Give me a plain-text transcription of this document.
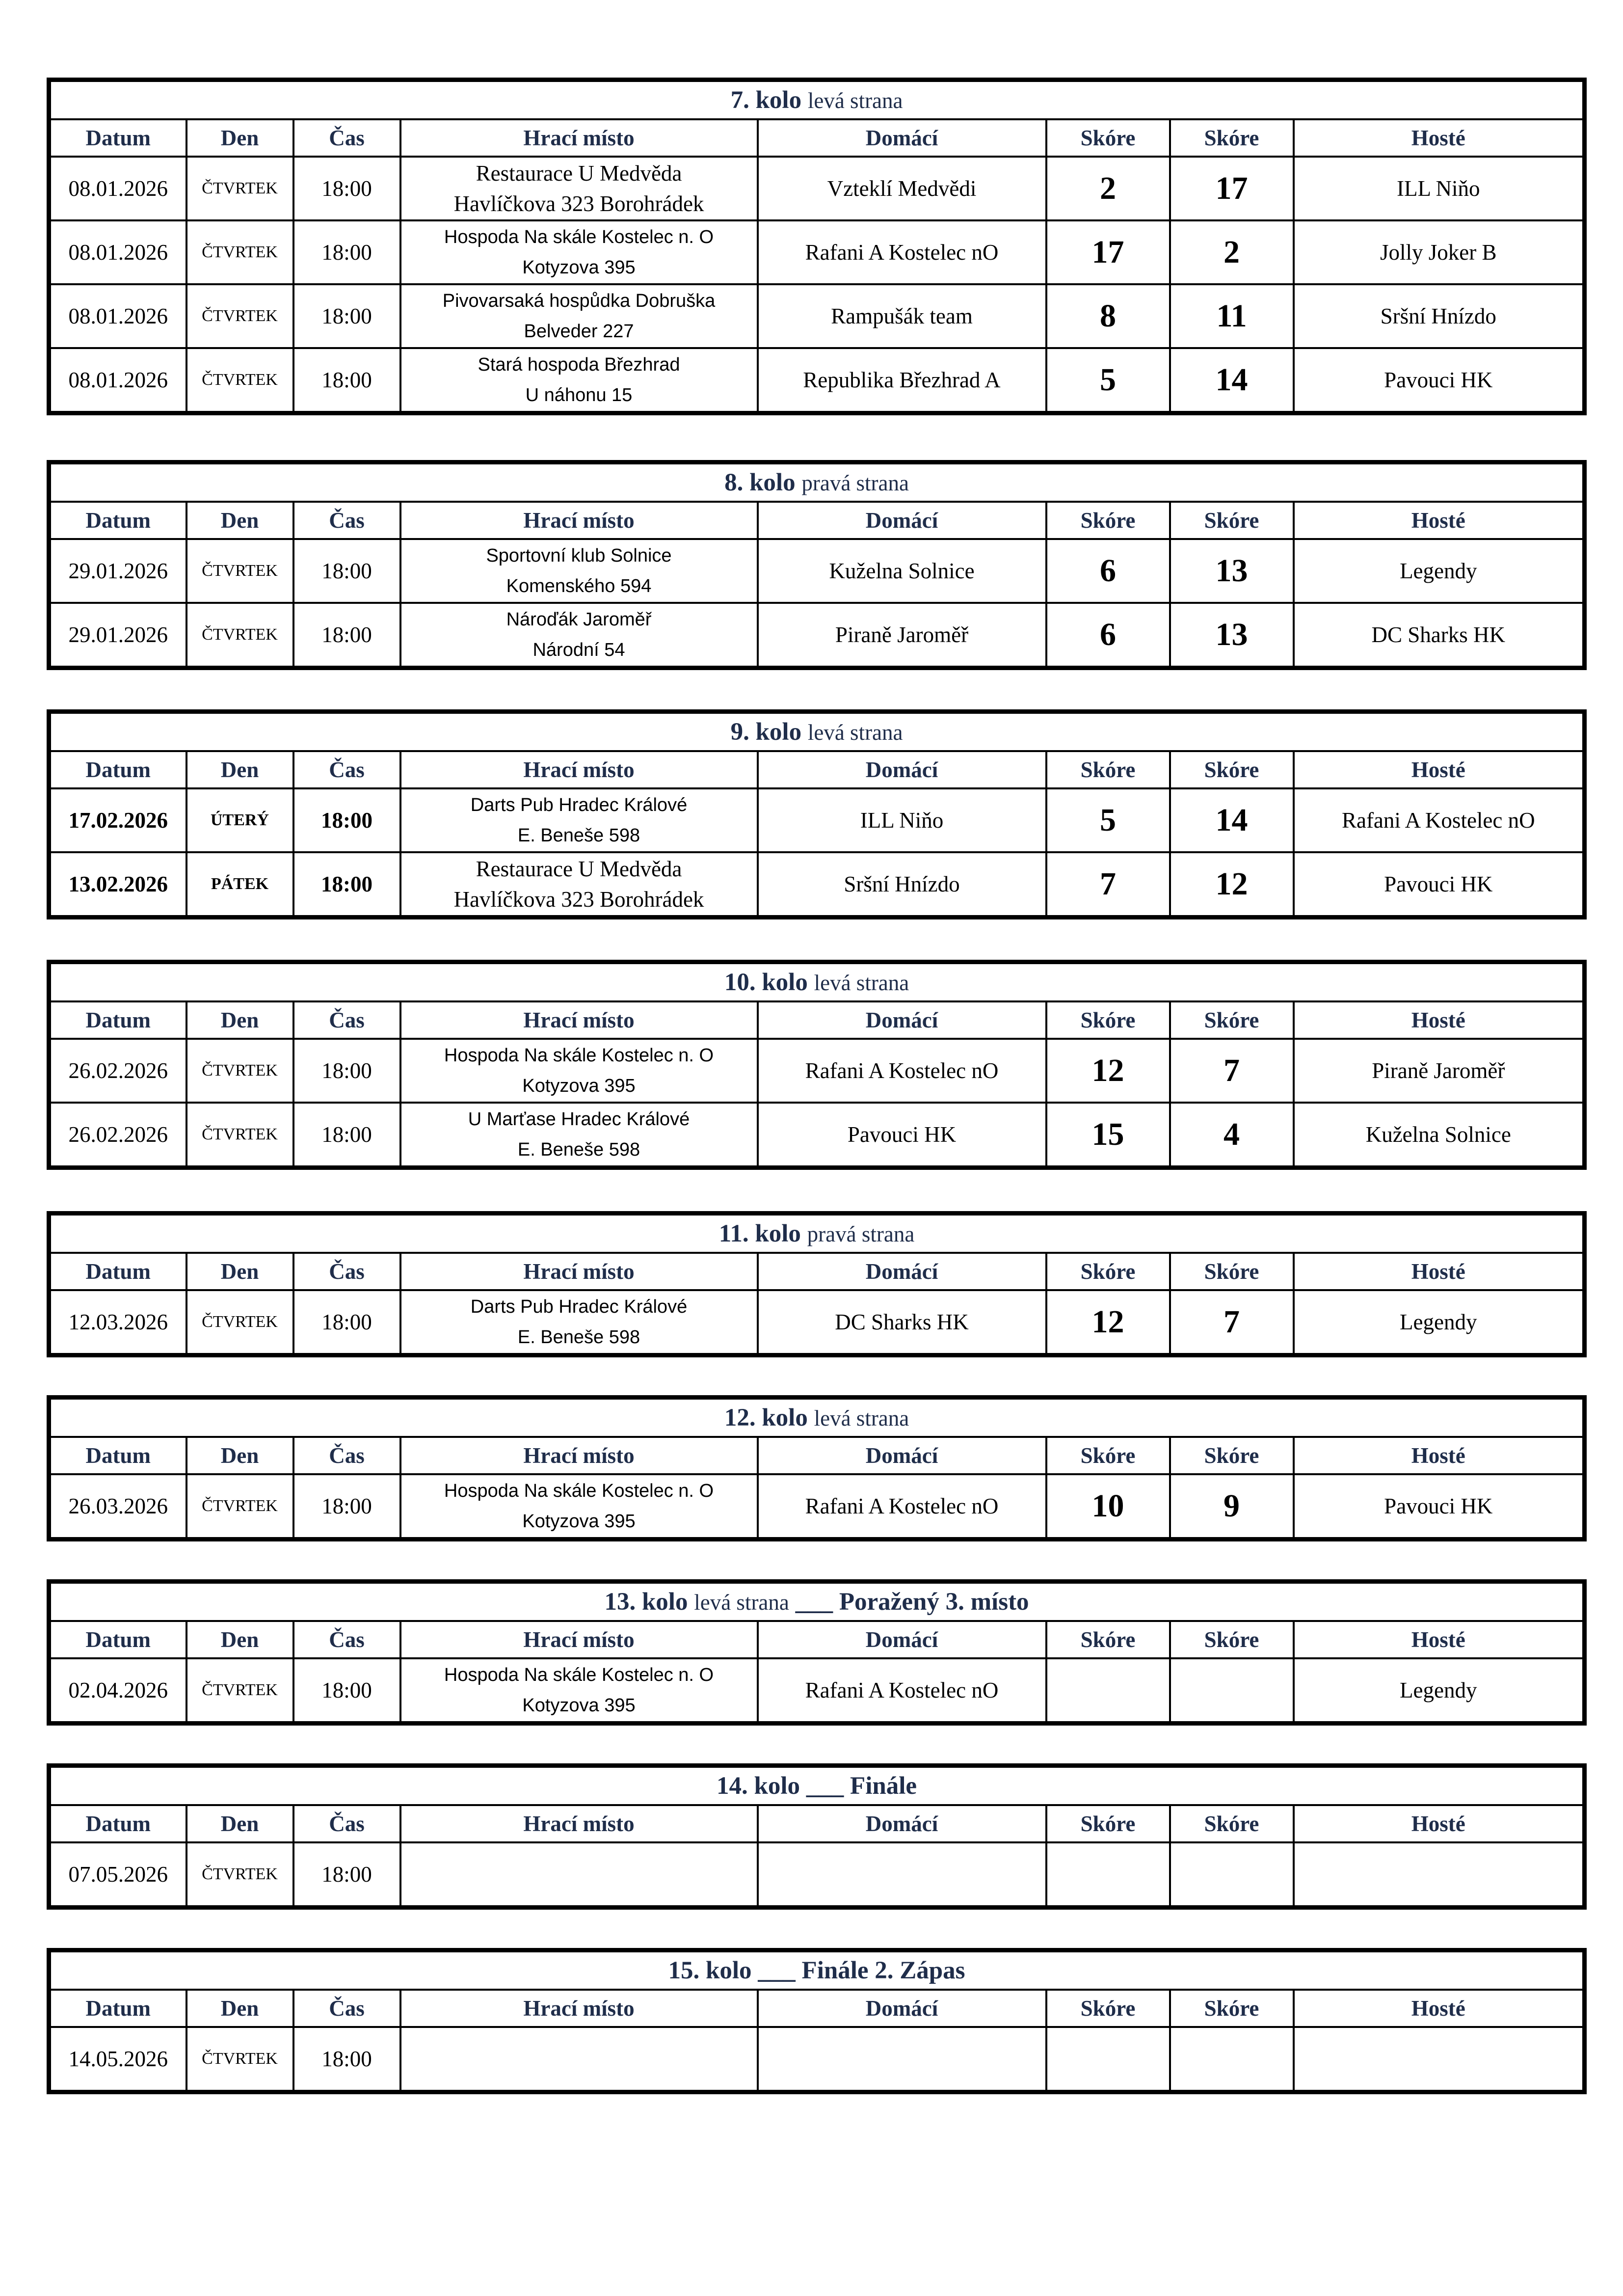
7. kolo levá strana							
Datum	Den	Čas	Hrací místo	Domácí	Skóre	Skóre	Hosté
08.01.2026	ČTVRTEK	18:00	Restaurace U Medvěda
Havlíčkova 323 Borohrádek	Vzteklí Medvědi	2	17	ILL Niňo
08.01.2026	ČTVRTEK	18:00	Hospoda Na skále Kostelec n. O
Kotyzova 395	Rafani A Kostelec nO	17	2	Jolly Joker B
08.01.2026	ČTVRTEK	18:00	Pivovarsaká hospůdka Dobruška
Belveder 227	Rampušák team	8	11	Sršní Hnízdo
08.01.2026	ČTVRTEK	18:00	Stará hospoda Březhrad
U náhonu 15	Republika Březhrad A	5	14	Pavouci HK
8. kolo pravá strana							
Datum	Den	Čas	Hrací místo	Domácí	Skóre	Skóre	Hosté
29.01.2026	ČTVRTEK	18:00	Sportovní klub Solnice
Komenského 594	Kuželna Solnice	6	13	Legendy
29.01.2026	ČTVRTEK	18:00	Nároďák Jaroměř
Národní 54	Piraně Jaroměř	6	13	DC Sharks HK
9. kolo levá strana							
Datum	Den	Čas	Hrací místo	Domácí	Skóre	Skóre	Hosté
17.02.2026	ÚTERÝ	18:00	Darts Pub Hradec Králové
E. Beneše 598	ILL Niňo	5	14	Rafani A Kostelec nO
13.02.2026	PÁTEK	18:00	Restaurace U Medvěda
Havlíčkova 323 Borohrádek	Sršní Hnízdo	7	12	Pavouci HK
10. kolo levá strana							
Datum	Den	Čas	Hrací místo	Domácí	Skóre	Skóre	Hosté
26.02.2026	ČTVRTEK	18:00	Hospoda Na skále Kostelec n. O
Kotyzova 395	Rafani A Kostelec nO	12	7	Piraně Jaroměř
26.02.2026	ČTVRTEK	18:00	U Marťase Hradec Králové
E. Beneše 598	Pavouci HK	15	4	Kuželna Solnice
11. kolo pravá strana							
Datum	Den	Čas	Hrací místo	Domácí	Skóre	Skóre	Hosté
12.03.2026	ČTVRTEK	18:00	Darts Pub Hradec Králové
E. Beneše 598	DC Sharks HK	12	7	Legendy
12. kolo levá strana							
Datum	Den	Čas	Hrací místo	Domácí	Skóre	Skóre	Hosté
26.03.2026	ČTVRTEK	18:00	Hospoda Na skále Kostelec n. O
Kotyzova 395	Rafani A Kostelec nO	10	9	Pavouci HK
13. kolo levá strana ___ Poražený 3. místo							
Datum	Den	Čas	Hrací místo	Domácí	Skóre	Skóre	Hosté
02.04.2026	ČTVRTEK	18:00	Hospoda Na skále Kostelec n. O
Kotyzova 395	Rafani A Kostelec nO			Legendy
14. kolo ___ Finále							
Datum	Den	Čas	Hrací místo	Domácí	Skóre	Skóre	Hosté
07.05.2026	ČTVRTEK	18:00	

15. kolo ___ Finále 2. Zápas							
Datum	Den	Čas	Hrací místo	Domácí	Skóre	Skóre	Hosté
14.05.2026	ČTVRTEK	18:00	
